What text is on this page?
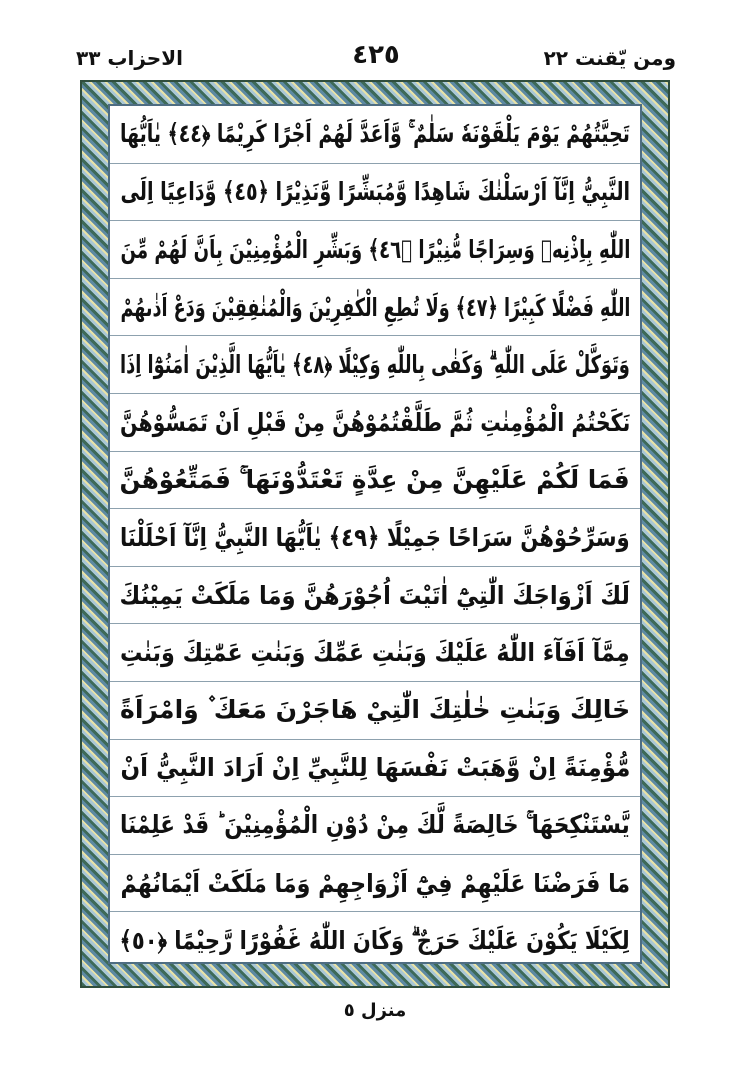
ومن يّقنت ٢٢
٤٢٥
الاحزاب ٣٣
تَحِيَّتُهُمْ يَوْمَ يَلْقَوْنَهٗ سَلٰمٌ ۚ وَّاَعَدَّ لَهُمْ اَجْرًا كَرِيْمًا ﴿٤٤﴾ يٰاَيُّهَا
النَّبِيُّ اِنَّآ اَرْسَلْنٰكَ شَاهِدًا وَّمُبَشِّرًا وَّنَذِيْرًا ﴿٤٥﴾ وَّدَاعِيًا اِلَى
اللّٰهِ بِاِذْنِهٖ وَسِرَاجًا مُّنِيْرًا ﴿٤٦﴾ وَبَشِّرِ الْمُؤْمِنِيْنَ بِاَنَّ لَهُمْ مِّنَ
اللّٰهِ فَضْلًا كَبِيْرًا ﴿٤٧﴾ وَلَا تُطِعِ الْكٰفِرِيْنَ وَالْمُنٰفِقِيْنَ وَدَعْ اَذٰىهُمْ
وَتَوَكَّلْ عَلَى اللّٰهِ ۗ وَكَفٰى بِاللّٰهِ وَكِيْلًا ﴿٤٨﴾ يٰاَيُّهَا الَّذِيْنَ اٰمَنُوْٓا اِذَا
نَكَحْتُمُ الْمُؤْمِنٰتِ ثُمَّ طَلَّقْتُمُوْهُنَّ مِنْ قَبْلِ اَنْ تَمَسُّوْهُنَّ
فَمَا لَكُمْ عَلَيْهِنَّ مِنْ عِدَّةٍ تَعْتَدُّوْنَهَا ۚ فَمَتِّعُوْهُنَّ
وَسَرِّحُوْهُنَّ سَرَاحًا جَمِيْلًا ﴿٤٩﴾ يٰاَيُّهَا النَّبِيُّ اِنَّآ اَحْلَلْنَا
لَكَ اَزْوَاجَكَ الّٰتِيْٓ اٰتَيْتَ اُجُوْرَهُنَّ وَمَا مَلَكَتْ يَمِيْنُكَ
مِمَّآ اَفَآءَ اللّٰهُ عَلَيْكَ وَبَنٰتِ عَمِّكَ وَبَنٰتِ عَمّٰتِكَ وَبَنٰتِ
خَالِكَ وَبَنٰتِ خٰلٰتِكَ الّٰتِيْ هَاجَرْنَ مَعَكَ ۫ وَامْرَاَةً
مُّؤْمِنَةً اِنْ وَّهَبَتْ نَفْسَهَا لِلنَّبِيِّ اِنْ اَرَادَ النَّبِيُّ اَنْ
يَّسْتَنْكِحَهَا ۚ خَالِصَةً لَّكَ مِنْ دُوْنِ الْمُؤْمِنِيْنَ ؕ قَدْ عَلِمْنَا
مَا فَرَضْنَا عَلَيْهِمْ فِيْٓ اَزْوَاجِهِمْ وَمَا مَلَكَتْ اَيْمَانُهُمْ
لِكَيْلَا يَكُوْنَ عَلَيْكَ حَرَجٌ ۗ وَكَانَ اللّٰهُ غَفُوْرًا رَّحِيْمًا ﴿٥٠﴾
منزل ٥
